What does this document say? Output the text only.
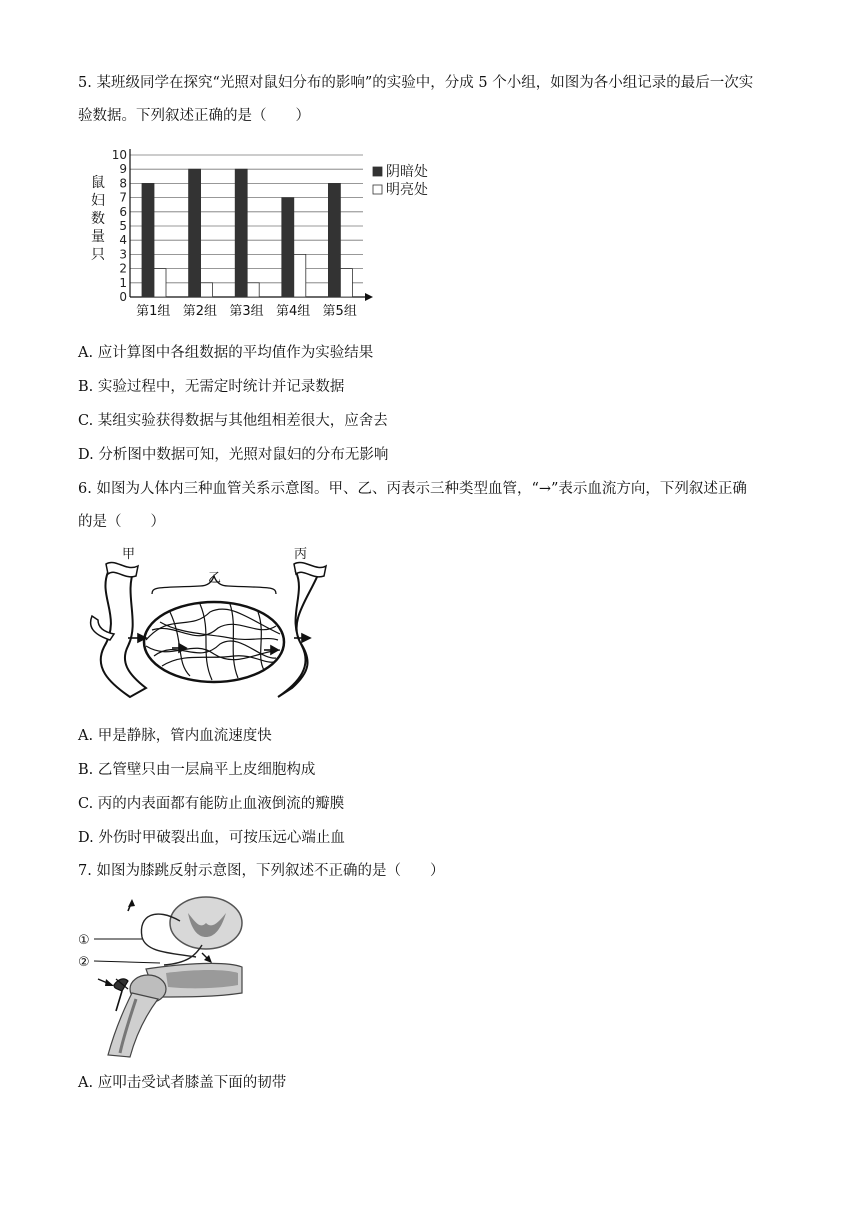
5. 某班级同学在探究“光照对鼠妇分布的影响”的实验中，分成 5 个小组，如图为各小组记录的最后一次实
验数据。下列叙述正确的是（　　）
0
1
2
3
4
5
6
7
8
9
10
第1组 第2组 第3组 第4组 第5组
鼠
妇
数
量
只
阴暗处
明亮处
A. 应计算图中各组数据的平均值作为实验结果
B. 实验过程中，无需定时统计并记录数据
C. 某组实验获得数据与其他组相差很大，应舍去
D. 分析图中数据可知，光照对鼠妇的分布无影响
6. 如图为人体内三种血管关系示意图。甲、乙、丙表示三种类型血管，“→”表示血流方向，下列叙述正确
的是（　　）
甲
乙
丙
A. 甲是静脉，管内血流速度快
B. 乙管壁只由一层扁平上皮细胞构成
C. 丙的内表面都有能防止血液倒流的瓣膜
D. 外伤时甲破裂出血，可按压远心端止血
7. 如图为膝跳反射示意图，下列叙述不正确的是（　　）
①
②
A. 应叩击受试者膝盖下面的韧带
